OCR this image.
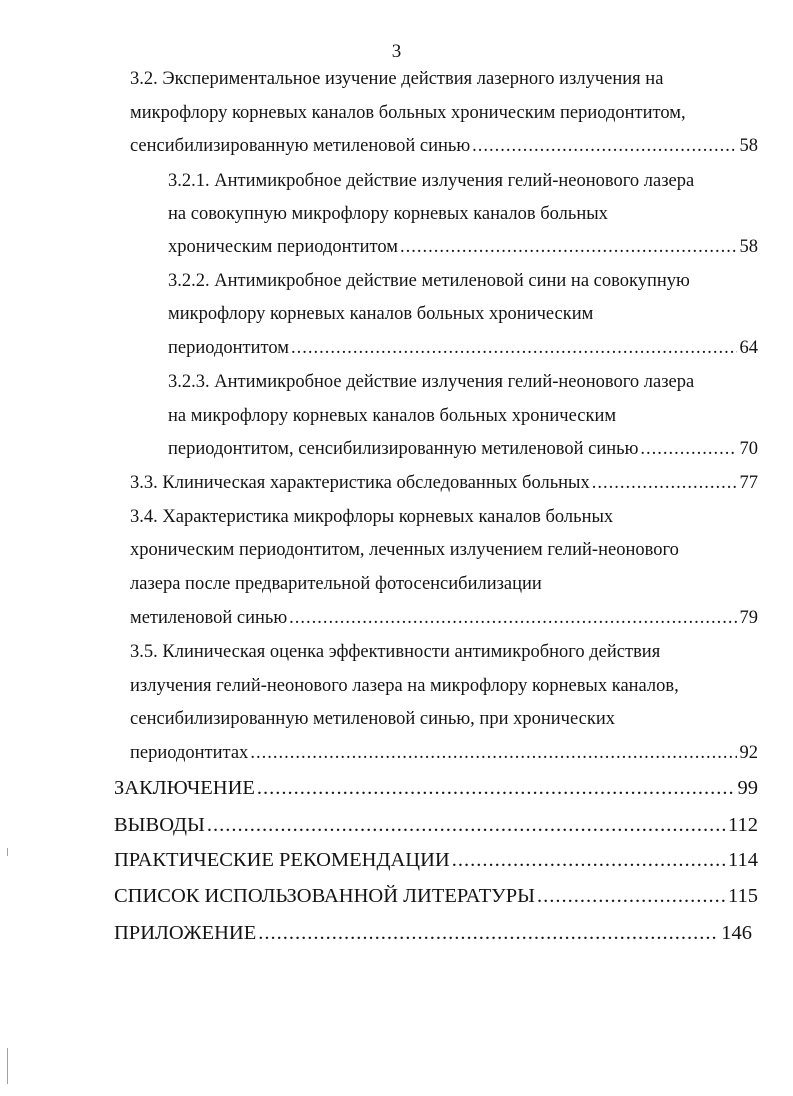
3
3.2. Экспериментальное изучение действия лазерного излучения на
микрофлору корневых каналов больных хроническим периодонтитом,
сенсибилизированную метиленовой синью .....	58
3.2.1. Антимикробное действие излучения гелий-неонового лазера
на совокупную микрофлору корневых каналов больных
хроническим периодонтитом .....	58
3.2.2. Антимикробное действие метиленовой сини на совокупную
микрофлору корневых каналов больных хроническим
периодонтитом .....	64
3.2.3. Антимикробное действие излучения гелий-неонового лазера
на микрофлору корневых каналов больных хроническим
периодонтитом, сенсибилизированную метиленовой синью .....	70
3.3. Клиническая характеристика обследованных больных .....	77
3.4. Характеристика микрофлоры корневых каналов больных
хроническим периодонтитом, леченных излучением гелий-неонового
лазера после предварительной фотосенсибилизации
метиленовой синью .....	79
3.5. Клиническая оценка эффективности антимикробного действия
излучения гелий-неонового лазера на микрофлору корневых каналов,
сенсибилизированную метиленовой синью, при хронических
периодонтитах .....	92
ЗАКЛЮЧЕНИЕ .....	99
ВЫВОДЫ .....	112
ПРАКТИЧЕСКИЕ РЕКОМЕНДАЦИИ .....	114
СПИСОК ИСПОЛЬЗОВАННОЙ ЛИТЕРАТУРЫ .....	115
ПРИЛОЖЕНИЕ .....	146
